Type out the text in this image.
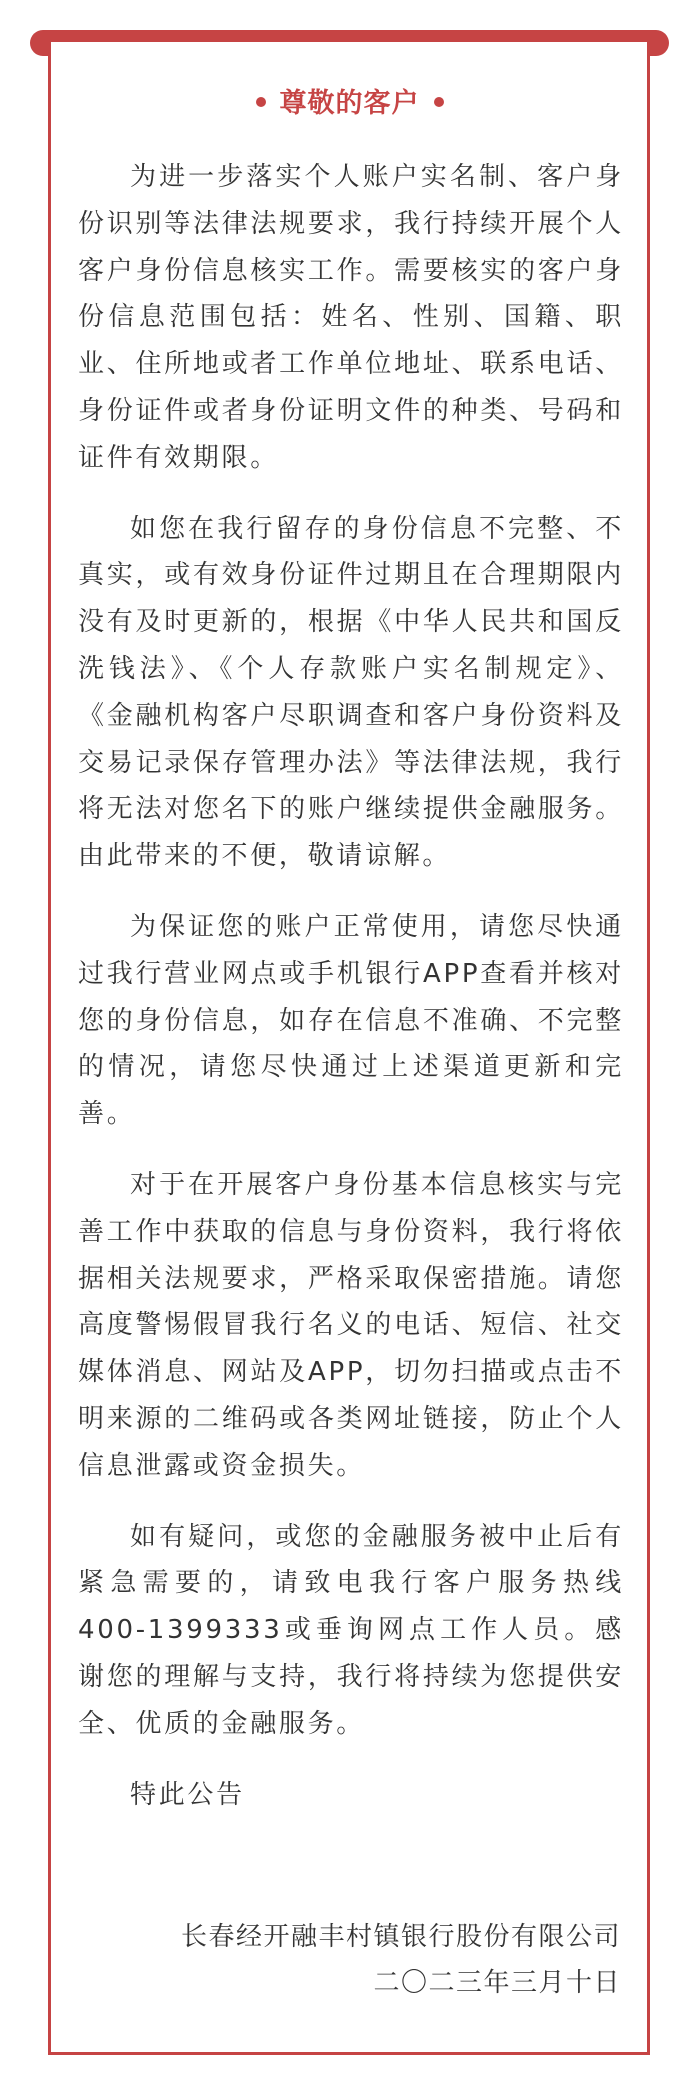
尊敬的客户

为进一步落实个人账户实名制、客户身份识别等法律法规要求，我行持续开展个人客户身份信息核实工作。需要核实的客户身份信息范围包括：姓名、性别、国籍、职业、住所地或者工作单位地址、联系电话、身份证件或者身份证明文件的种类、号码和证件有效期限。

如您在我行留存的身份信息不完整、不真实，或有效身份证件过期且在合理期限内没有及时更新的，根据《中华人民共和国反洗钱法》、《个人存款账户实名制规定》、《金融机构客户尽职调查和客户身份资料及交易记录保存管理办法》等法律法规，我行将无法对您名下的账户继续提供金融服务。由此带来的不便，敬请谅解。

为保证您的账户正常使用，请您尽快通过我行营业网点或手机银行APP查看并核对您的身份信息，如存在信息不准确、不完整的情况，请您尽快通过上述渠道更新和完善。

对于在开展客户身份基本信息核实与完善工作中获取的信息与身份资料，我行将依据相关法规要求，严格采取保密措施。请您高度警惕假冒我行名义的电话、短信、社交媒体消息、网站及APP，切勿扫描或点击不明来源的二维码或各类网址链接，防止个人信息泄露或资金损失。

如有疑问，或您的金融服务被中止后有紧急需要的，请致电我行客户服务热线400-1399333或垂询网点工作人员。感谢您的理解与支持，我行将持续为您提供安全、优质的金融服务。

特此公告

长春经开融丰村镇银行股份有限公司
二〇二三年三月十日
